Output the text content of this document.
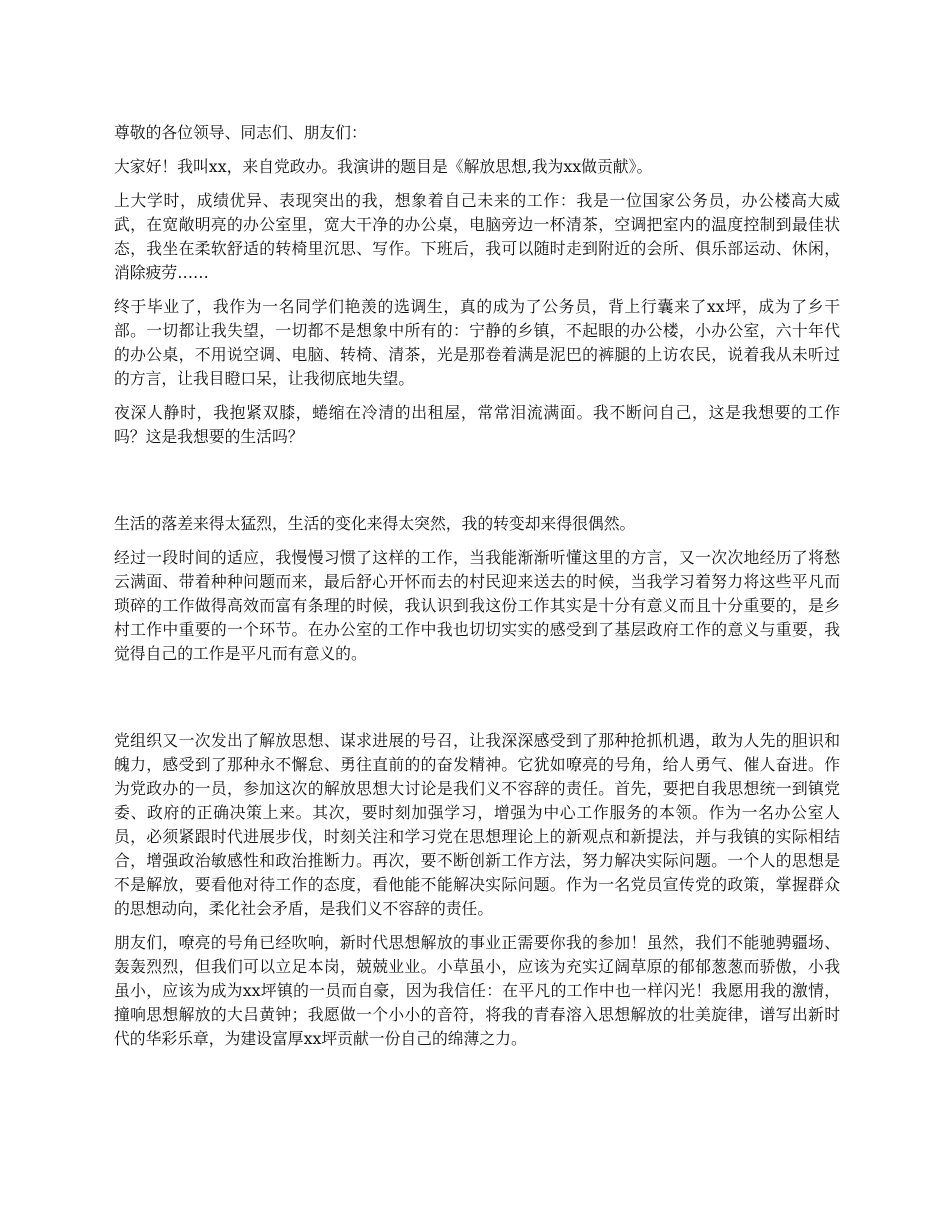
尊敬的各位领导、同志们、朋友们：

大家好！我叫xx，来自党政办。我演讲的题目是《解放思想,我为xx做贡献》。

上大学时，成绩优异、表现突出的我，想象着自己未来的工作：我是一位国家公务员，办公楼高大威武，在宽敞明亮的办公室里，宽大干净的办公桌，电脑旁边一杯清茶，空调把室内的温度控制到最佳状态，我坐在柔软舒适的转椅里沉思、写作。下班后，我可以随时走到附近的会所、俱乐部运动、休闲，消除疲劳……

终于毕业了，我作为一名同学们艳羡的选调生，真的成为了公务员，背上行囊来了xx坪，成为了乡干部。一切都让我失望，一切都不是想象中所有的：宁静的乡镇，不起眼的办公楼，小办公室，六十年代的办公桌，不用说空调、电脑、转椅、清茶，光是那卷着满是泥巴的裤腿的上访农民，说着我从未听过的方言，让我目瞪口呆，让我彻底地失望。

夜深人静时，我抱紧双膝，蜷缩在冷清的出租屋，常常泪流满面。我不断问自己，这是我想要的工作吗？这是我想要的生活吗？

生活的落差来得太猛烈，生活的变化来得太突然，我的转变却来得很偶然。

经过一段时间的适应，我慢慢习惯了这样的工作，当我能渐渐听懂这里的方言，又一次次地经历了将愁云满面、带着种种问题而来，最后舒心开怀而去的村民迎来送去的时候，当我学习着努力将这些平凡而琐碎的工作做得高效而富有条理的时候，我认识到我这份工作其实是十分有意义而且十分重要的，是乡村工作中重要的一个环节。在办公室的工作中我也切切实实的感受到了基层政府工作的意义与重要，我觉得自己的工作是平凡而有意义的。

党组织又一次发出了解放思想、谋求进展的号召，让我深深感受到了那种抢抓机遇，敢为人先的胆识和魄力，感受到了那种永不懈怠、勇往直前的的奋发精神。它犹如嘹亮的号角，给人勇气、催人奋进。作为党政办的一员，参加这次的解放思想大讨论是我们义不容辞的责任。首先，要把自我思想统一到镇党委、政府的正确决策上来。其次，要时刻加强学习，增强为中心工作服务的本领。作为一名办公室人员，必须紧跟时代进展步伐，时刻关注和学习党在思想理论上的新观点和新提法，并与我镇的实际相结合，增强政治敏感性和政治推断力。再次，要不断创新工作方法，努力解决实际问题。一个人的思想是不是解放，要看他对待工作的态度，看他能不能解决实际问题。作为一名党员宣传党的政策，掌握群众的思想动向，柔化社会矛盾，是我们义不容辞的责任。

朋友们，嘹亮的号角已经吹响，新时代思想解放的事业正需要你我的参加！虽然，我们不能驰骋疆场、轰轰烈烈，但我们可以立足本岗，兢兢业业。小草虽小，应该为充实辽阔草原的郁郁葱葱而骄傲，小我虽小，应该为成为xx坪镇的一员而自豪，因为我信任：在平凡的工作中也一样闪光！我愿用我的激情，撞响思想解放的大吕黄钟；我愿做一个小小的音符，将我的青春溶入思想解放的壮美旋律，谱写出新时代的华彩乐章，为建设富厚xx坪贡献一份自己的绵薄之力。
